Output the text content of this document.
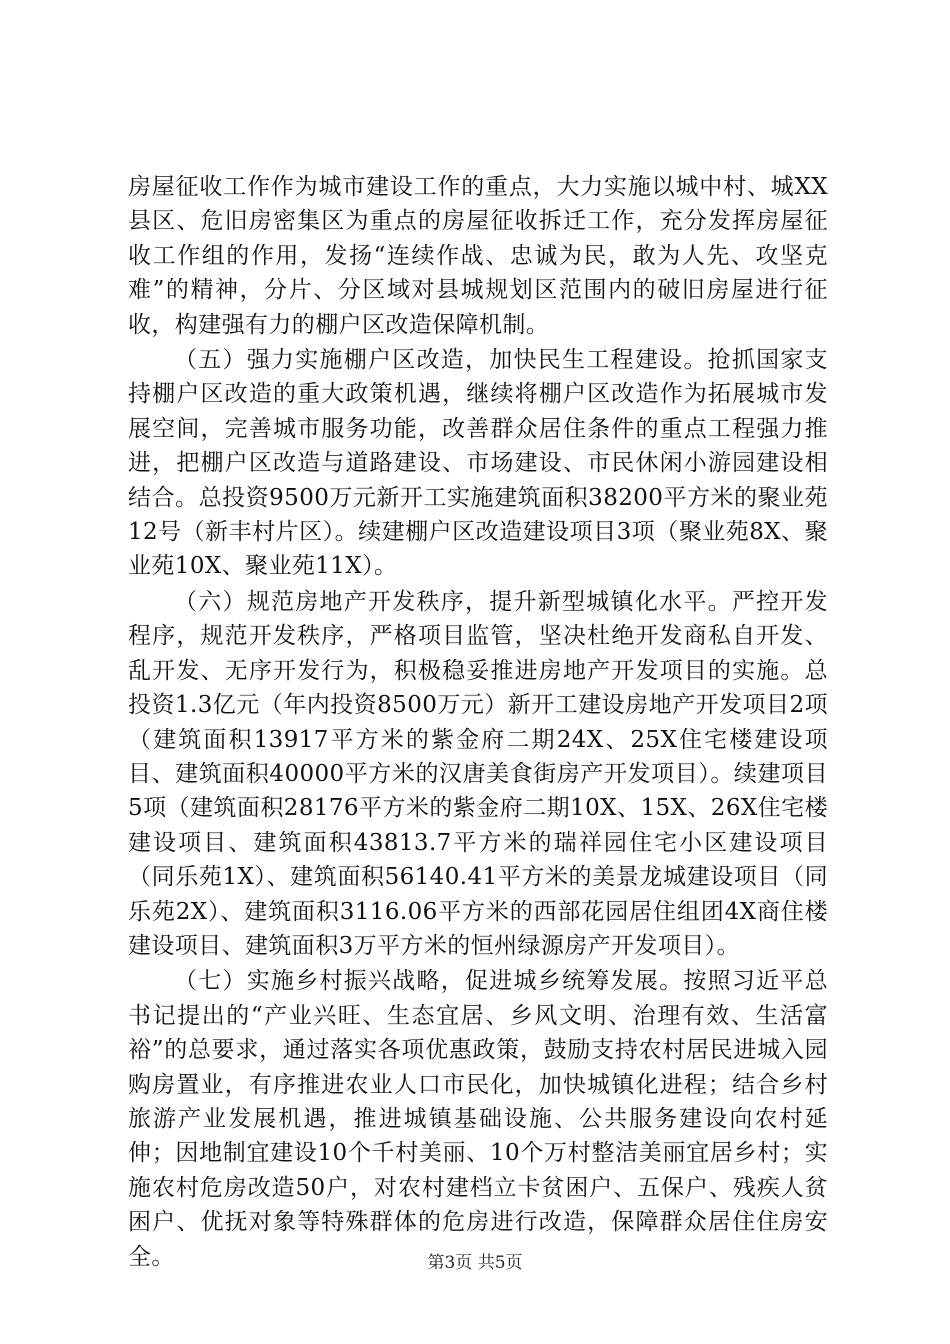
房屋征收工作作为城市建设工作的重点，大力实施以城中村、城XX县区、危旧房密集区为重点的房屋征收拆迁工作，充分发挥房屋征收工作组的作用，发扬“连续作战、忠诚为民，敢为人先、攻坚克难”的精神，分片、分区域对县城规划区范围内的破旧房屋进行征收，构建强有力的棚户区改造保障机制。

（五）强力实施棚户区改造，加快民生工程建设。抢抓国家支持棚户区改造的重大政策机遇，继续将棚户区改造作为拓展城市发展空间，完善城市服务功能，改善群众居住条件的重点工程强力推进，把棚户区改造与道路建设、市场建设、市民休闲小游园建设相结合。总投资9500万元新开工实施建筑面积38200平方米的聚业苑12号（新丰村片区）。续建棚户区改造建设项目3项（聚业苑8X、聚业苑10X、聚业苑11X）。

（六）规范房地产开发秩序，提升新型城镇化水平。严控开发程序，规范开发秩序，严格项目监管，坚决杜绝开发商私自开发、乱开发、无序开发行为，积极稳妥推进房地产开发项目的实施。总投资1.3亿元（年内投资8500万元）新开工建设房地产开发项目2项（建筑面积13917平方米的紫金府二期24X、25X住宅楼建设项目、建筑面积40000平方米的汉唐美食街房产开发项目）。续建项目5项（建筑面积28176平方米的紫金府二期10X、15X、26X住宅楼建设项目、建筑面积43813.7平方米的瑞祥园住宅小区建设项目（同乐苑1X）、建筑面积56140.41平方米的美景龙城建设项目（同乐苑2X）、建筑面积3116.06平方米的西部花园居住组团4X商住楼建设项目、建筑面积3万平方米的恒州绿源房产开发项目）。

（七）实施乡村振兴战略，促进城乡统筹发展。按照习近平总书记提出的“产业兴旺、生态宜居、乡风文明、治理有效、生活富裕”的总要求，通过落实各项优惠政策，鼓励支持农村居民进城入园购房置业，有序推进农业人口市民化，加快城镇化进程；结合乡村旅游产业发展机遇，推进城镇基础设施、公共服务建设向农村延伸；因地制宜建设10个千村美丽、10个万村整洁美丽宜居乡村；实施农村危房改造50户，对农村建档立卡贫困户、五保户、残疾人贫困户、优抚对象等特殊群体的危房进行改造，保障群众居住住房安全。	第3页 共5页
